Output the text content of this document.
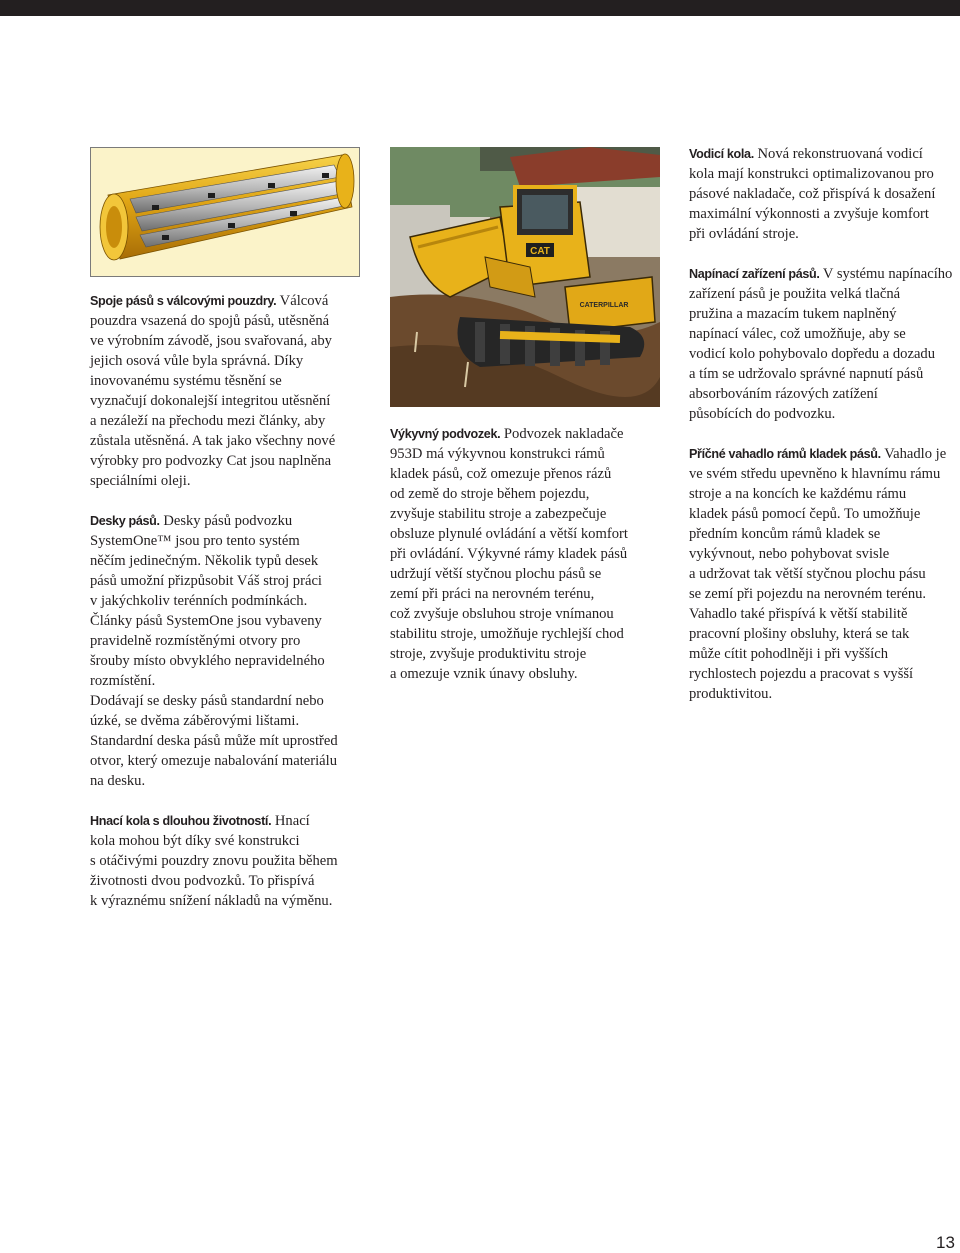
CAT
CATERPILLAR

Spoje pásů s válcovými pouzdry. Válcová
pouzdra vsazená do spojů pásů, utěsněná
ve výrobním závodě, jsou svařovaná, aby
jejich osová vůle byla správná. Díky
inovovanému systému těsnění se
vyznačují dokonalejší integritou utěsnění
a nezáleží na přechodu mezi články, aby
zůstala utěsněná. A tak jako všechny nové
výrobky pro podvozky Cat jsou naplněna
speciálními oleji.

Desky pásů. Desky pásů podvozku
SystemOne™ jsou pro tento systém
něčím jedinečným. Několik typů desek
pásů umožní přizpůsobit Váš stroj práci
v jakýchkoliv terénních podmínkách.
Články pásů SystemOne jsou vybaveny
pravidelně rozmístěnými otvory pro
šrouby místo obvyklého nepravidelného
rozmístění.
Dodávají se desky pásů standardní nebo
úzké, se dvěma záběrovými lištami.
Standardní deska pásů může mít uprostřed
otvor, který omezuje nabalování materiálu
na desku.

Hnací kola s dlouhou životností. Hnací
kola mohou být díky své konstrukci
s otáčivými pouzdry znovu použita během
životnosti dvou podvozků. To přispívá
k výraznému snížení nákladů na výměnu.

Výkyvný podvozek. Podvozek nakladače
953D má výkyvnou konstrukci rámů
kladek pásů, což omezuje přenos rázů
od země do stroje během pojezdu,
zvyšuje stabilitu stroje a zabezpečuje
obsluze plynulé ovládání a větší komfort
při ovládání. Výkyvné rámy kladek pásů
udržují větší styčnou plochu pásů se
zemí při práci na nerovném terénu,
což zvyšuje obsluhou stroje vnímanou
stabilitu stroje, umožňuje rychlejší chod
stroje, zvyšuje produktivitu stroje
a omezuje vznik únavy obsluhy.

Vodicí kola. Nová rekonstruovaná vodicí
kola mají konstrukci optimalizovanou pro
pásové nakladače, což přispívá k dosažení
maximální výkonnosti a zvyšuje komfort
při ovládání stroje.

Napínací zařízení pásů. V systému napínacího
zařízení pásů je použita velká tlačná
pružina a mazacím tukem naplněný
napínací válec, což umožňuje, aby se
vodicí kolo pohybovalo dopředu a dozadu
a tím se udržovalo správné napnutí pásů
absorbováním rázových zatížení
působících do podvozku.

Příčné vahadlo rámů kladek pásů. Vahadlo je
ve svém středu upevněno k hlavnímu rámu
stroje a na koncích ke každému rámu
kladek pásů pomocí čepů. To umožňuje
předním koncům rámů kladek se
vykývnout, nebo pohybovat svisle
a udržovat tak větší styčnou plochu pásu
se zemí při pojezdu na nerovném terénu.
Vahadlo také přispívá k větší stabilitě
pracovní plošiny obsluhy, která se tak
může cítit pohodlněji i při vyšších
rychlostech pojezdu a pracovat s vyšší
produktivitou.

13
